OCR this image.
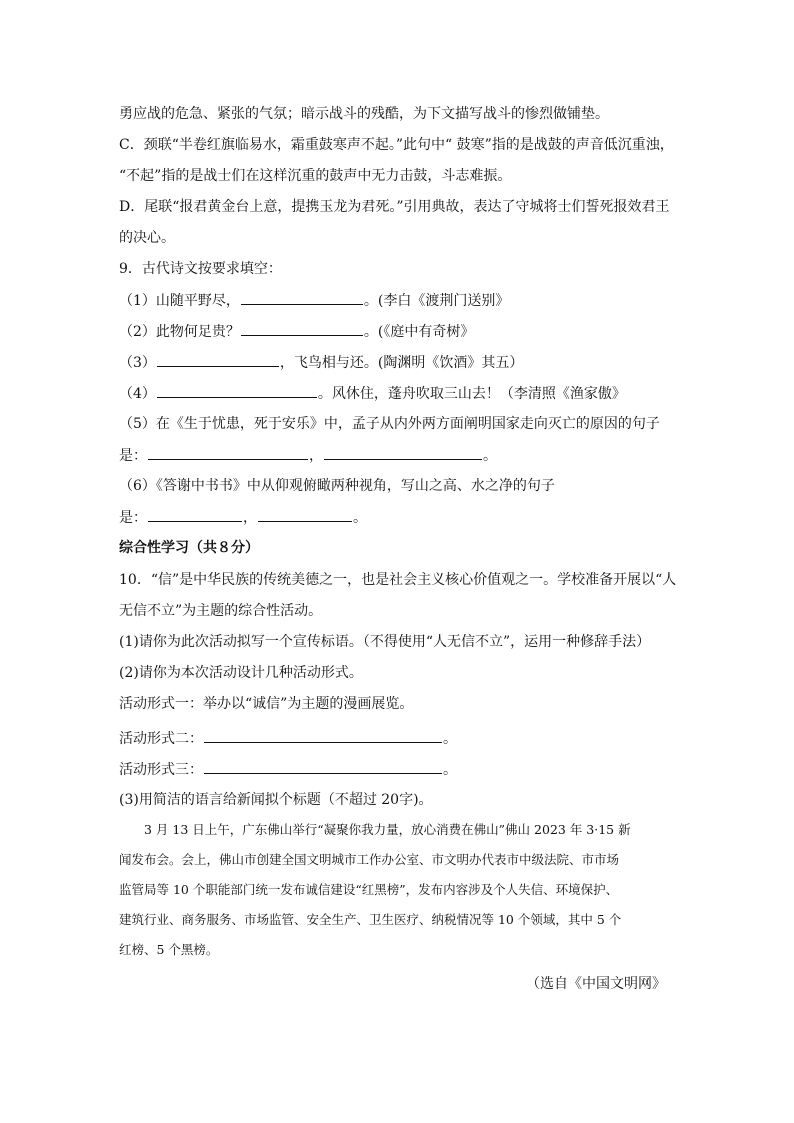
勇应战的危急、紧张的气氛；暗示战斗的残酷，为下文描写战斗的惨烈做铺垫。
C．颈联“半卷红旗临易水，霜重鼓寒声不起。”此句中“ 鼓寒”指的是战鼓的声音低沉重浊，
“不起”指的是战士们在这样沉重的鼓声中无力击鼓，斗志难振。
D．尾联“报君黄金台上意，提携玉龙为君死。”引用典故，表达了守城将士们誓死报效君王
的决心。
9．古代诗文按要求填空：
（1）山随平野尽，	。(李白《渡荆门送别》
（2）此物何足贵？	。(《庭中有奇树》
（3）	，飞鸟相与还。(陶渊明《饮酒》其五）
（4）	。风休住，蓬舟吹取三山去！（李清照《渔家傲》
（5）在《生于忧患，死于安乐》中，孟子从内外两方面阐明国家走向灭亡的原因的句子
是：	，	。
（6）《答谢中书书》中从仰观俯瞰两种视角，写山之高、水之净的句子
是：	，	。
综合性学习（共８分）
10．“信”是中华民族的传统美德之一，也是社会主义核心价值观之一。学校准备开展以“人
无信不立”为主题的综合性活动。
(1)请你为此次活动拟写一个宣传标语。（不得使用“人无信不立”，运用一种修辞手法）
(2)请你为本次活动设计几种活动形式。
活动形式一：举办以“诚信”为主题的漫画展览。
活动形式二：	。
活动形式三：	。
(3)用简洁的语言给新闻拟个标题（不超过 20字)。
　　3 月 13 日上午，广东佛山举行“凝聚你我力量，放心消费在佛山”佛山 2023 年 3·15 新
闻发布会。会上，佛山市创建全国文明城市工作办公室、市文明办代表市中级法院、市市场
监管局等 10 个职能部门统一发布诚信建设“红黑榜”，发布内容涉及个人失信、环境保护、
建筑行业、商务服务、市场监管、安全生产、卫生医疗、纳税情况等 10 个领域，其中 5 个
红榜、5 个黑榜。
（选自《中国文明网》
